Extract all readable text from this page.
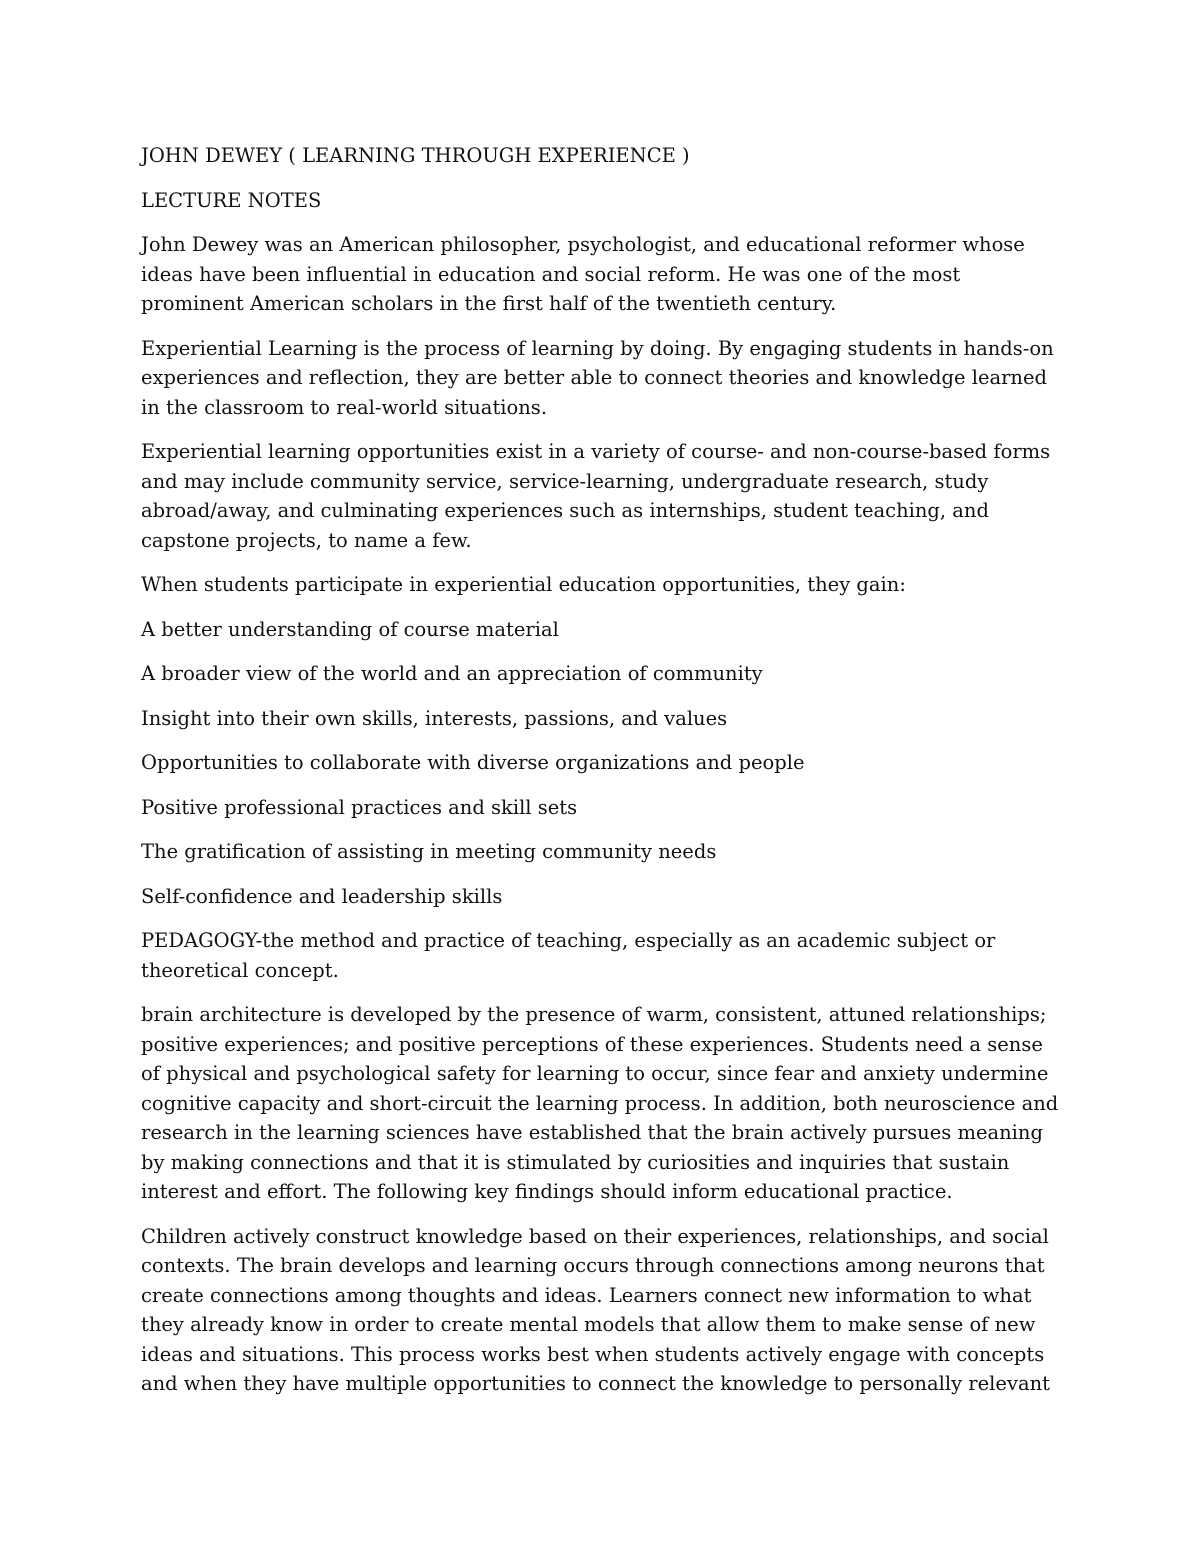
JOHN DEWEY ( LEARNING THROUGH EXPERIENCE )

LECTURE NOTES

John Dewey was an American philosopher, psychologist, and educational reformer whose ideas have been influential in education and social reform. He was one of the most prominent American scholars in the first half of the twentieth century.

Experiential Learning is the process of learning by doing. By engaging students in hands-on experiences and reflection, they are better able to connect theories and knowledge learned in the classroom to real-world situations.

Experiential learning opportunities exist in a variety of course- and non-course-based forms and may include community service, service-learning, undergraduate research, study abroad/away, and culminating experiences such as internships, student teaching, and capstone projects, to name a few.

When students participate in experiential education opportunities, they gain:

A better understanding of course material

A broader view of the world and an appreciation of community

Insight into their own skills, interests, passions, and values

Opportunities to collaborate with diverse organizations and people

Positive professional practices and skill sets

The gratification of assisting in meeting community needs

Self-confidence and leadership skills

PEDAGOGY-the method and practice of teaching, especially as an academic subject or theoretical concept.

brain architecture is developed by the presence of warm, consistent, attuned relationships; positive experiences; and positive perceptions of these experiences. Students need a sense of physical and psychological safety for learning to occur, since fear and anxiety undermine cognitive capacity and short-circuit the learning process. In addition, both neuroscience and research in the learning sciences have established that the brain actively pursues meaning by making connections and that it is stimulated by curiosities and inquiries that sustain interest and effort. The following key findings should inform educational practice.

Children actively construct knowledge based on their experiences, relationships, and social contexts. The brain develops and learning occurs through connections among neurons that create connections among thoughts and ideas. Learners connect new information to what they already know in order to create mental models that allow them to make sense of new ideas and situations. This process works best when students actively engage with concepts and when they have multiple opportunities to connect the knowledge to personally relevant
